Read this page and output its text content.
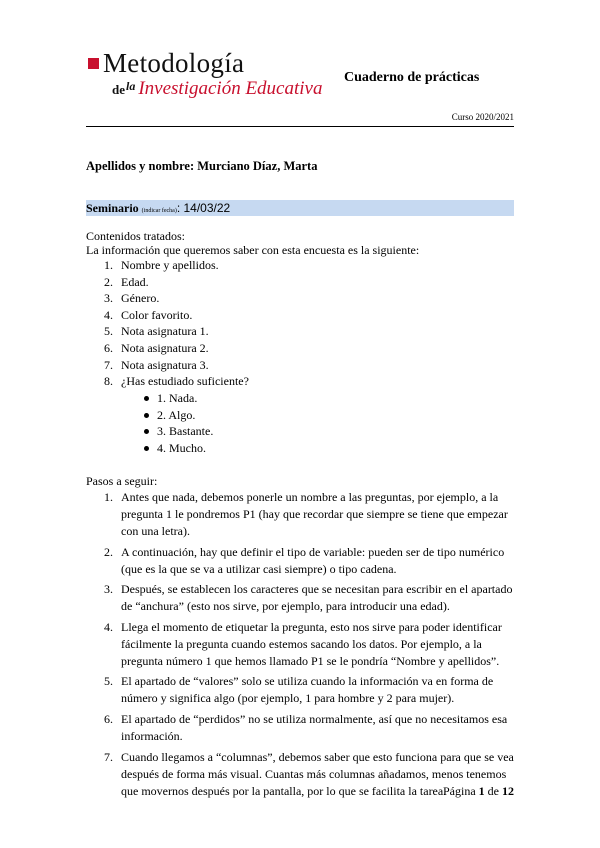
Metodología
$de^{la}$ Investigación Educativa
Cuaderno de prácticas
Curso 2020/2021
Apellidos y nombre: Murciano Díaz, Marta
Seminario (indicar fecha): 14/03/22
Contenidos tratados:
La información que queremos saber con esta encuesta es la siguiente:
1. Nombre y apellidos.
2. Edad.
3. Género.
4. Color favorito.
5. Nota asignatura 1.
6. Nota asignatura 2.
7. Nota asignatura 3.
8. ¿Has estudiado suficiente?
1. Nada.
2. Algo.
3. Bastante.
4. Mucho.
Pasos a seguir:
1. Antes que nada, debemos ponerle un nombre a las preguntas, por ejemplo, a la pregunta 1 le pondremos P1 (hay que recordar que siempre se tiene que empezar con una letra).
2. A continuación, hay que definir el tipo de variable: pueden ser de tipo numérico (que es la que se va a utilizar casi siempre) o tipo cadena.
3. Después, se establecen los caracteres que se necesitan para escribir en el apartado de “anchura” (esto nos sirve, por ejemplo, para introducir una edad).
4. Llega el momento de etiquetar la pregunta, esto nos sirve para poder identificar fácilmente la pregunta cuando estemos sacando los datos. Por ejemplo, a la pregunta número 1 que hemos llamado P1 se le pondría “Nombre y apellidos”.
5. El apartado de “valores” solo se utiliza cuando la información va en forma de número y significa algo (por ejemplo, 1 para hombre y 2 para mujer).
6. El apartado de “perdidos” no se utiliza normalmente, así que no necesitamos esa información.
7. Cuando llegamos a “columnas”, debemos saber que esto funciona para que se vea después de forma más visual. Cuantas más columnas añadamos, menos tenemos que movernos después por la pantalla, por lo que se facilita la tarea.
Página 1 de 12
